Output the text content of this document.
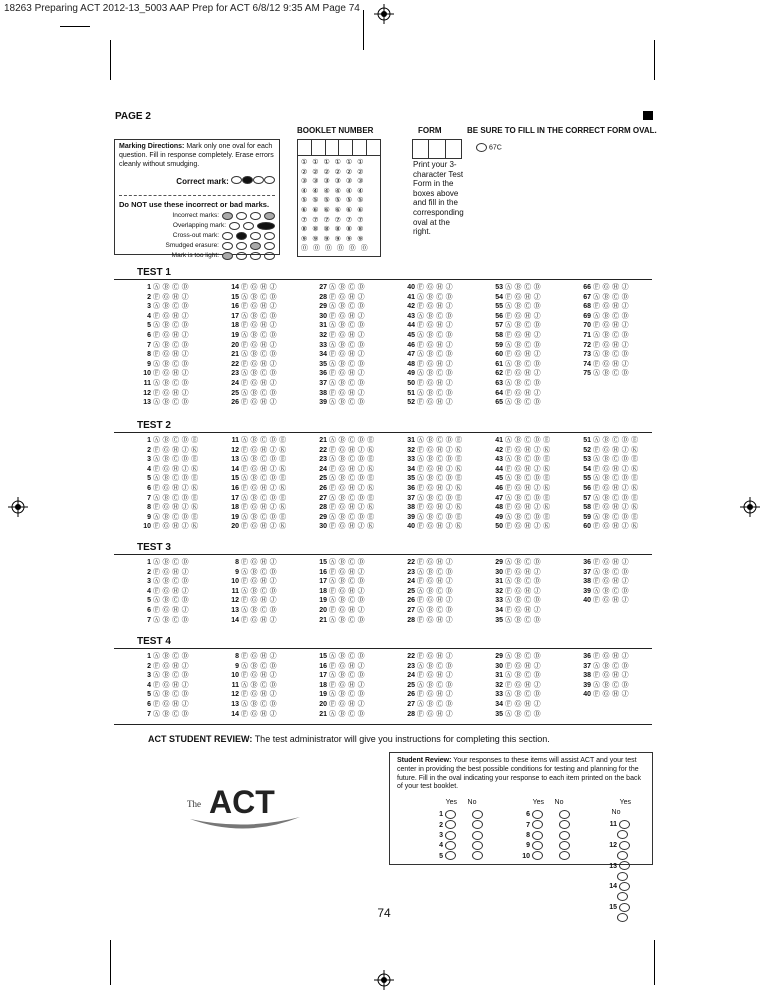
18263 Preparing ACT 2012-13_5003 AAP Prep for ACT 6/8/12 9:35 AM Page 74
PAGE 2
Marking Directions: Mark only one oval for each question. Fill in response completely. Erase errors cleanly without smudging.
Correct mark:
Do NOT use these incorrect or bad marks.
Incorrect marks:
Overlapping mark:
Cross-out mark:
Smudged erasure:
Mark is too light:
BOOKLET NUMBER
① ① ① ① ① ①
② ② ② ② ② ②
③ ③ ③ ③ ③ ③
④ ④ ④ ④ ④ ④
⑤ ⑤ ⑤ ⑤ ⑤ ⑤
⑥ ⑥ ⑥ ⑥ ⑥ ⑥
⑦ ⑦ ⑦ ⑦ ⑦ ⑦
⑧ ⑧ ⑧ ⑧ ⑧ ⑧
⑨ ⑨ ⑨ ⑨ ⑨ ⑨
⓪ ⓪ ⓪ ⓪ ⓪ ⓪
FORM
Print your 3-character Test Form in the boxes above and fill in the corresponding oval at the right.
BE SURE TO FILL IN THE CORRECT FORM OVAL.
67C
TEST 1
1 Ⓐ Ⓑ Ⓒ Ⓓ
2 Ⓕ Ⓖ Ⓗ Ⓙ
3 Ⓐ Ⓑ Ⓒ Ⓓ
4 Ⓕ Ⓖ Ⓗ Ⓙ
5 Ⓐ Ⓑ Ⓒ Ⓓ
6 Ⓕ Ⓖ Ⓗ Ⓙ
7 Ⓐ Ⓑ Ⓒ Ⓓ
8 Ⓕ Ⓖ Ⓗ Ⓙ
9 Ⓐ Ⓑ Ⓒ Ⓓ
10 Ⓕ Ⓖ Ⓗ Ⓙ
11 Ⓐ Ⓑ Ⓒ Ⓓ
12 Ⓕ Ⓖ Ⓗ Ⓙ
13 Ⓐ Ⓑ Ⓒ Ⓓ
14 Ⓕ Ⓖ Ⓗ Ⓙ
15 Ⓐ Ⓑ Ⓒ Ⓓ
16 Ⓕ Ⓖ Ⓗ Ⓙ
17 Ⓐ Ⓑ Ⓒ Ⓓ
18 Ⓕ Ⓖ Ⓗ Ⓙ
19 Ⓐ Ⓑ Ⓒ Ⓓ
20 Ⓕ Ⓖ Ⓗ Ⓙ
21 Ⓐ Ⓑ Ⓒ Ⓓ
22 Ⓕ Ⓖ Ⓗ Ⓙ
23 Ⓐ Ⓑ Ⓒ Ⓓ
24 Ⓕ Ⓖ Ⓗ Ⓙ
25 Ⓐ Ⓑ Ⓒ Ⓓ
26 Ⓕ Ⓖ Ⓗ Ⓙ
27 Ⓐ Ⓑ Ⓒ Ⓓ
28 Ⓕ Ⓖ Ⓗ Ⓙ
29 Ⓐ Ⓑ Ⓒ Ⓓ
30 Ⓕ Ⓖ Ⓗ Ⓙ
31 Ⓐ Ⓑ Ⓒ Ⓓ
32 Ⓕ Ⓖ Ⓗ Ⓙ
33 Ⓐ Ⓑ Ⓒ Ⓓ
34 Ⓕ Ⓖ Ⓗ Ⓙ
35 Ⓐ Ⓑ Ⓒ Ⓓ
36 Ⓕ Ⓖ Ⓗ Ⓙ
37 Ⓐ Ⓑ Ⓒ Ⓓ
38 Ⓕ Ⓖ Ⓗ Ⓙ
39 Ⓐ Ⓑ Ⓒ Ⓓ
40 Ⓕ Ⓖ Ⓗ Ⓙ
41 Ⓐ Ⓑ Ⓒ Ⓓ
42 Ⓕ Ⓖ Ⓗ Ⓙ
43 Ⓐ Ⓑ Ⓒ Ⓓ
44 Ⓕ Ⓖ Ⓗ Ⓙ
45 Ⓐ Ⓑ Ⓒ Ⓓ
46 Ⓕ Ⓖ Ⓗ Ⓙ
47 Ⓐ Ⓑ Ⓒ Ⓓ
48 Ⓕ Ⓖ Ⓗ Ⓙ
49 Ⓐ Ⓑ Ⓒ Ⓓ
50 Ⓕ Ⓖ Ⓗ Ⓙ
51 Ⓐ Ⓑ Ⓒ Ⓓ
52 Ⓕ Ⓖ Ⓗ Ⓙ
53 Ⓐ Ⓑ Ⓒ Ⓓ
54 Ⓕ Ⓖ Ⓗ Ⓙ
55 Ⓐ Ⓑ Ⓒ Ⓓ
56 Ⓕ Ⓖ Ⓗ Ⓙ
57 Ⓐ Ⓑ Ⓒ Ⓓ
58 Ⓕ Ⓖ Ⓗ Ⓙ
59 Ⓐ Ⓑ Ⓒ Ⓓ
60 Ⓕ Ⓖ Ⓗ Ⓙ
61 Ⓐ Ⓑ Ⓒ Ⓓ
62 Ⓕ Ⓖ Ⓗ Ⓙ
63 Ⓐ Ⓑ Ⓒ Ⓓ
64 Ⓕ Ⓖ Ⓗ Ⓙ
65 Ⓐ Ⓑ Ⓒ Ⓓ
66 Ⓕ Ⓖ Ⓗ Ⓙ
67 Ⓐ Ⓑ Ⓒ Ⓓ
68 Ⓕ Ⓖ Ⓗ Ⓙ
69 Ⓐ Ⓑ Ⓒ Ⓓ
70 Ⓕ Ⓖ Ⓗ Ⓙ
71 Ⓐ Ⓑ Ⓒ Ⓓ
72 Ⓕ Ⓖ Ⓗ Ⓙ
73 Ⓐ Ⓑ Ⓒ Ⓓ
74 Ⓕ Ⓖ Ⓗ Ⓙ
75 Ⓐ Ⓑ Ⓒ Ⓓ
TEST 2
1 Ⓐ Ⓑ Ⓒ Ⓓ Ⓔ
2 Ⓕ Ⓖ Ⓗ Ⓙ Ⓚ
3 Ⓐ Ⓑ Ⓒ Ⓓ Ⓔ
4 Ⓕ Ⓖ Ⓗ Ⓙ Ⓚ
5 Ⓐ Ⓑ Ⓒ Ⓓ Ⓔ
6 Ⓕ Ⓖ Ⓗ Ⓙ Ⓚ
7 Ⓐ Ⓑ Ⓒ Ⓓ Ⓔ
8 Ⓕ Ⓖ Ⓗ Ⓙ Ⓚ
9 Ⓐ Ⓑ Ⓒ Ⓓ Ⓔ
10 Ⓕ Ⓖ Ⓗ Ⓙ Ⓚ
11 Ⓐ Ⓑ Ⓒ Ⓓ Ⓔ
12 Ⓕ Ⓖ Ⓗ Ⓙ Ⓚ
13 Ⓐ Ⓑ Ⓒ Ⓓ Ⓔ
14 Ⓕ Ⓖ Ⓗ Ⓙ Ⓚ
15 Ⓐ Ⓑ Ⓒ Ⓓ Ⓔ
16 Ⓕ Ⓖ Ⓗ Ⓙ Ⓚ
17 Ⓐ Ⓑ Ⓒ Ⓓ Ⓔ
18 Ⓕ Ⓖ Ⓗ Ⓙ Ⓚ
19 Ⓐ Ⓑ Ⓒ Ⓓ Ⓔ
20 Ⓕ Ⓖ Ⓗ Ⓙ Ⓚ
21 Ⓐ Ⓑ Ⓒ Ⓓ Ⓔ
22 Ⓕ Ⓖ Ⓗ Ⓙ Ⓚ
23 Ⓐ Ⓑ Ⓒ Ⓓ Ⓔ
24 Ⓕ Ⓖ Ⓗ Ⓙ Ⓚ
25 Ⓐ Ⓑ Ⓒ Ⓓ Ⓔ
26 Ⓕ Ⓖ Ⓗ Ⓙ Ⓚ
27 Ⓐ Ⓑ Ⓒ Ⓓ Ⓔ
28 Ⓕ Ⓖ Ⓗ Ⓙ Ⓚ
29 Ⓐ Ⓑ Ⓒ Ⓓ Ⓔ
30 Ⓕ Ⓖ Ⓗ Ⓙ Ⓚ
31 Ⓐ Ⓑ Ⓒ Ⓓ Ⓔ
32 Ⓕ Ⓖ Ⓗ Ⓙ Ⓚ
33 Ⓐ Ⓑ Ⓒ Ⓓ Ⓔ
34 Ⓕ Ⓖ Ⓗ Ⓙ Ⓚ
35 Ⓐ Ⓑ Ⓒ Ⓓ Ⓔ
36 Ⓕ Ⓖ Ⓗ Ⓙ Ⓚ
37 Ⓐ Ⓑ Ⓒ Ⓓ Ⓔ
38 Ⓕ Ⓖ Ⓗ Ⓙ Ⓚ
39 Ⓐ Ⓑ Ⓒ Ⓓ Ⓔ
40 Ⓕ Ⓖ Ⓗ Ⓙ Ⓚ
41 Ⓐ Ⓑ Ⓒ Ⓓ Ⓔ
42 Ⓕ Ⓖ Ⓗ Ⓙ Ⓚ
43 Ⓐ Ⓑ Ⓒ Ⓓ Ⓔ
44 Ⓕ Ⓖ Ⓗ Ⓙ Ⓚ
45 Ⓐ Ⓑ Ⓒ Ⓓ Ⓔ
46 Ⓕ Ⓖ Ⓗ Ⓙ Ⓚ
47 Ⓐ Ⓑ Ⓒ Ⓓ Ⓔ
48 Ⓕ Ⓖ Ⓗ Ⓙ Ⓚ
49 Ⓐ Ⓑ Ⓒ Ⓓ Ⓔ
50 Ⓕ Ⓖ Ⓗ Ⓙ Ⓚ
51 Ⓐ Ⓑ Ⓒ Ⓓ Ⓔ
52 Ⓕ Ⓖ Ⓗ Ⓙ Ⓚ
53 Ⓐ Ⓑ Ⓒ Ⓓ Ⓔ
54 Ⓕ Ⓖ Ⓗ Ⓙ Ⓚ
55 Ⓐ Ⓑ Ⓒ Ⓓ Ⓔ
56 Ⓕ Ⓖ Ⓗ Ⓙ Ⓚ
57 Ⓐ Ⓑ Ⓒ Ⓓ Ⓔ
58 Ⓕ Ⓖ Ⓗ Ⓙ Ⓚ
59 Ⓐ Ⓑ Ⓒ Ⓓ Ⓔ
60 Ⓕ Ⓖ Ⓗ Ⓙ Ⓚ
TEST 3
1 Ⓐ Ⓑ Ⓒ Ⓓ
2 Ⓕ Ⓖ Ⓗ Ⓙ
3 Ⓐ Ⓑ Ⓒ Ⓓ
4 Ⓕ Ⓖ Ⓗ Ⓙ
5 Ⓐ Ⓑ Ⓒ Ⓓ
6 Ⓕ Ⓖ Ⓗ Ⓙ
7 Ⓐ Ⓑ Ⓒ Ⓓ
8 Ⓕ Ⓖ Ⓗ Ⓙ
9 Ⓐ Ⓑ Ⓒ Ⓓ
10 Ⓕ Ⓖ Ⓗ Ⓙ
11 Ⓐ Ⓑ Ⓒ Ⓓ
12 Ⓕ Ⓖ Ⓗ Ⓙ
13 Ⓐ Ⓑ Ⓒ Ⓓ
14 Ⓕ Ⓖ Ⓗ Ⓙ
15 Ⓐ Ⓑ Ⓒ Ⓓ
16 Ⓕ Ⓖ Ⓗ Ⓙ
17 Ⓐ Ⓑ Ⓒ Ⓓ
18 Ⓕ Ⓖ Ⓗ Ⓙ
19 Ⓐ Ⓑ Ⓒ Ⓓ
20 Ⓕ Ⓖ Ⓗ Ⓙ
21 Ⓐ Ⓑ Ⓒ Ⓓ
22 Ⓕ Ⓖ Ⓗ Ⓙ
23 Ⓐ Ⓑ Ⓒ Ⓓ
24 Ⓕ Ⓖ Ⓗ Ⓙ
25 Ⓐ Ⓑ Ⓒ Ⓓ
26 Ⓕ Ⓖ Ⓗ Ⓙ
27 Ⓐ Ⓑ Ⓒ Ⓓ
28 Ⓕ Ⓖ Ⓗ Ⓙ
29 Ⓐ Ⓑ Ⓒ Ⓓ
30 Ⓕ Ⓖ Ⓗ Ⓙ
31 Ⓐ Ⓑ Ⓒ Ⓓ
32 Ⓕ Ⓖ Ⓗ Ⓙ
33 Ⓐ Ⓑ Ⓒ Ⓓ
34 Ⓕ Ⓖ Ⓗ Ⓙ
35 Ⓐ Ⓑ Ⓒ Ⓓ
36 Ⓕ Ⓖ Ⓗ Ⓙ
37 Ⓐ Ⓑ Ⓒ Ⓓ
38 Ⓕ Ⓖ Ⓗ Ⓙ
39 Ⓐ Ⓑ Ⓒ Ⓓ
40 Ⓕ Ⓖ Ⓗ Ⓙ
TEST 4
1 Ⓐ Ⓑ Ⓒ Ⓓ
2 Ⓕ Ⓖ Ⓗ Ⓙ
3 Ⓐ Ⓑ Ⓒ Ⓓ
4 Ⓕ Ⓖ Ⓗ Ⓙ
5 Ⓐ Ⓑ Ⓒ Ⓓ
6 Ⓕ Ⓖ Ⓗ Ⓙ
7 Ⓐ Ⓑ Ⓒ Ⓓ
8 Ⓕ Ⓖ Ⓗ Ⓙ
9 Ⓐ Ⓑ Ⓒ Ⓓ
10 Ⓕ Ⓖ Ⓗ Ⓙ
11 Ⓐ Ⓑ Ⓒ Ⓓ
12 Ⓕ Ⓖ Ⓗ Ⓙ
13 Ⓐ Ⓑ Ⓒ Ⓓ
14 Ⓕ Ⓖ Ⓗ Ⓙ
15 Ⓐ Ⓑ Ⓒ Ⓓ
16 Ⓕ Ⓖ Ⓗ Ⓙ
17 Ⓐ Ⓑ Ⓒ Ⓓ
18 Ⓕ Ⓖ Ⓗ Ⓙ
19 Ⓐ Ⓑ Ⓒ Ⓓ
20 Ⓕ Ⓖ Ⓗ Ⓙ
21 Ⓐ Ⓑ Ⓒ Ⓓ
22 Ⓕ Ⓖ Ⓗ Ⓙ
23 Ⓐ Ⓑ Ⓒ Ⓓ
24 Ⓕ Ⓖ Ⓗ Ⓙ
25 Ⓐ Ⓑ Ⓒ Ⓓ
26 Ⓕ Ⓖ Ⓗ Ⓙ
27 Ⓐ Ⓑ Ⓒ Ⓓ
28 Ⓕ Ⓖ Ⓗ Ⓙ
29 Ⓐ Ⓑ Ⓒ Ⓓ
30 Ⓕ Ⓖ Ⓗ Ⓙ
31 Ⓐ Ⓑ Ⓒ Ⓓ
32 Ⓕ Ⓖ Ⓗ Ⓙ
33 Ⓐ Ⓑ Ⓒ Ⓓ
34 Ⓕ Ⓖ Ⓗ Ⓙ
35 Ⓐ Ⓑ Ⓒ Ⓓ
36 Ⓕ Ⓖ Ⓗ Ⓙ
37 Ⓐ Ⓑ Ⓒ Ⓓ
38 Ⓕ Ⓖ Ⓗ Ⓙ
39 Ⓐ Ⓑ Ⓒ Ⓓ
40 Ⓕ Ⓖ Ⓗ Ⓙ
ACT STUDENT REVIEW: The test administrator will give you instructions for completing this section.
The ACT
Student Review: Your responses to these items will assist ACT and your test center in providing the best possible conditions for testing and planning for the future. Fill in the oval indicating your response to each item printed on the back of your test booklet.
Yes No
1
2
3
4
5
Yes No
6
7
8
9
10
YesNo
11
12
13
14
15
74
